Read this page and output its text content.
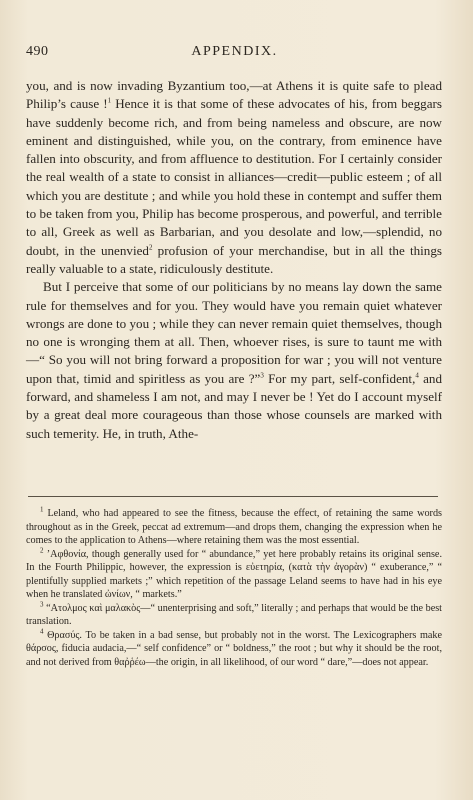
490	APPENDIX.

you, and is now invading Byzantium too,—at Athens it is quite safe to plead Philip’s cause !$^1$ Hence it is that some of these advocates of his, from beggars have suddenly become rich, and from being nameless and obscure, are now eminent and distinguished, while you, on the contrary, from eminence have fallen into obscurity, and from affluence to destitution. For I certainly consider the real wealth of a state to consist in alliances—credit—public esteem ; of all which you are destitute ; and while you hold these in contempt and suffer them to be taken from you, Philip has become prosperous, and powerful, and terrible to all, Greek as well as Barbarian, and you desolate and low,—splendid, no doubt, in the unenvied$^2$ profusion of your merchandise, but in all the things really valuable to a state, ridiculously destitute.

But I perceive that some of our politicians by no means lay down the same rule for themselves and for you. They would have you remain quiet whatever wrongs are done to you ; while they can never remain quiet themselves, though no one is wronging them at all. Then, whoever rises, is sure to taunt me with—“ So you will not bring forward a proposition for war ; you will not venture upon that, timid and spiritless as you are ?”$^3$ For my part, self-confident,$^4$ and forward, and shameless I am not, and may I never be ! Yet do I account myself by a great deal more courageous than those whose counsels are marked with such temerity. He, in truth, Athe-

$^1$ Leland, who had appeared to see the fitness, because the effect, of retaining the same words throughout as in the Greek, peccat ad extremum—and drops them, changing the expression when he comes to the application to Athens—where retaining them was the most essential.

$^2$ ’Αφθονία, though generally used for “ abundance,” yet here probably retains its original sense. In the Fourth Philippic, however, the expression is εὐετηρία, (κατὰ τὴν ἀγορὰν) “ exuberance,” “ plentifully supplied markets ;” which repetition of the passage Leland seems to have had in his eye when he translated ὠνίων, “ markets.”

$^3$ “Ατολμος καὶ μαλακὸς—“ unenterprising and soft,” literally ; and perhaps that would be the best translation.

$^4$ Θρασύς. To be taken in a bad sense, but probably not in the worst. The Lexicographers make θάρσος, fiducia audacia,—“ self confidence” or “ boldness,” the root ; but why it should be the root, and not derived from θαῤῥέω—the origin, in all likelihood, of our word “ dare,”—does not appear.
